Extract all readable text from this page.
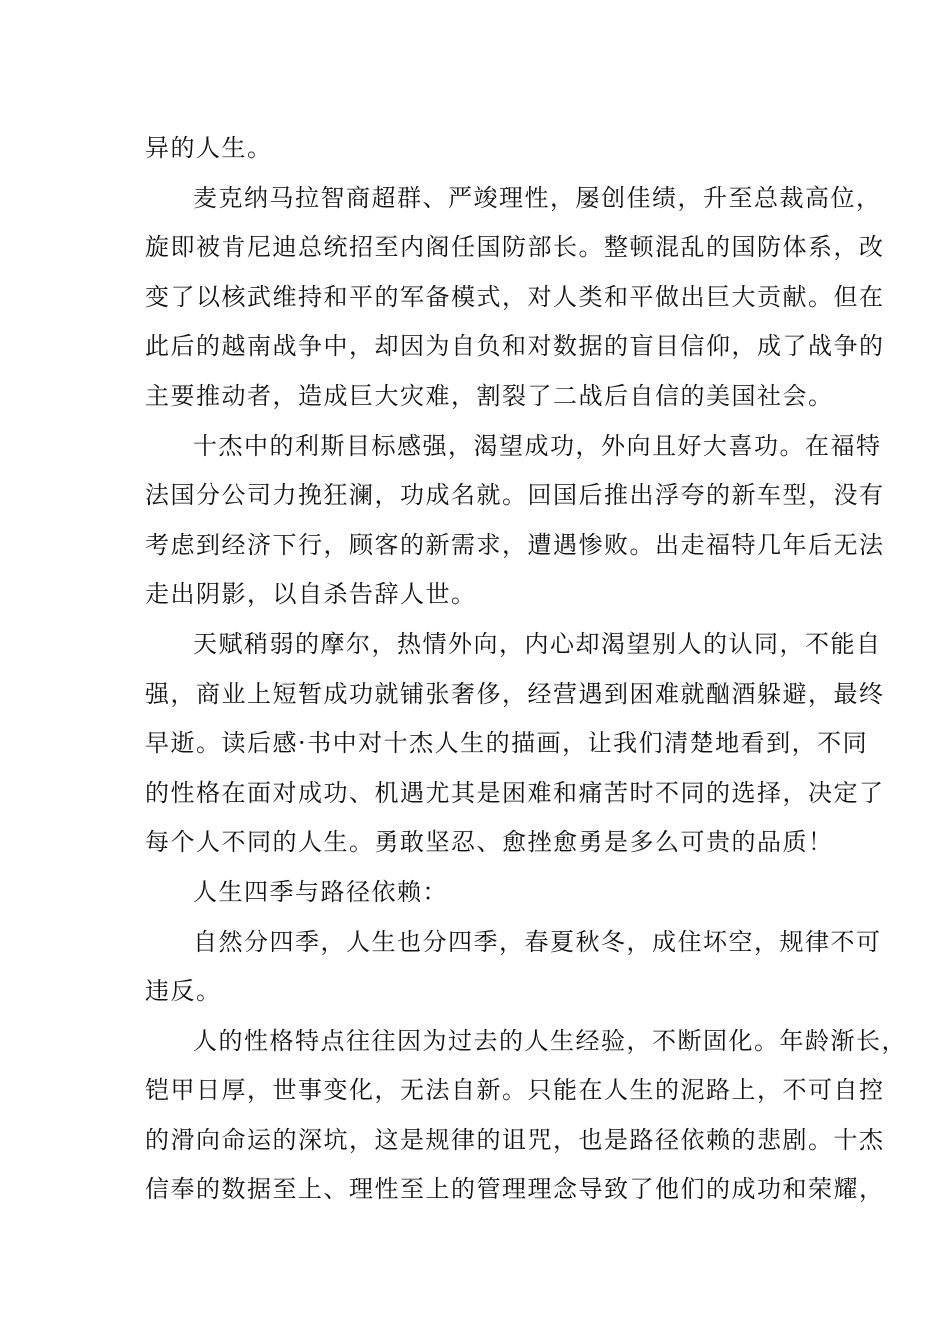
异的人生。
麦克纳马拉智商超群、严竣理性，屡创佳绩，升至总裁高位，
旋即被肯尼迪总统招至内阁任国防部长。整顿混乱的国防体系，改
变了以核武维持和平的军备模式，对人类和平做出巨大贡献。但在
此后的越南战争中，却因为自负和对数据的盲目信仰，成了战争的
主要推动者，造成巨大灾难，割裂了二战后自信的美国社会。
十杰中的利斯目标感强，渴望成功，外向且好大喜功。在福特
法国分公司力挽狂澜，功成名就。回国后推出浮夸的新车型，没有
考虑到经济下行，顾客的新需求，遭遇惨败。出走福特几年后无法
走出阴影，以自杀告辞人世。
天赋稍弱的摩尔，热情外向，内心却渴望别人的认同，不能自
强，商业上短暂成功就铺张奢侈，经营遇到困难就酗酒躲避，最终
早逝。读后感·书中对十杰人生的描画，让我们清楚地看到，不同
的性格在面对成功、机遇尤其是困难和痛苦时不同的选择，决定了
每个人不同的人生。勇敢坚忍、愈挫愈勇是多么可贵的品质！
人生四季与路径依赖：
自然分四季，人生也分四季，春夏秋冬，成住坏空，规律不可
违反。
人的性格特点往往因为过去的人生经验，不断固化。年龄渐长，
铠甲日厚，世事变化，无法自新。只能在人生的泥路上，不可自控
的滑向命运的深坑，这是规律的诅咒，也是路径依赖的悲剧。十杰
信奉的数据至上、理性至上的管理理念导致了他们的成功和荣耀，
